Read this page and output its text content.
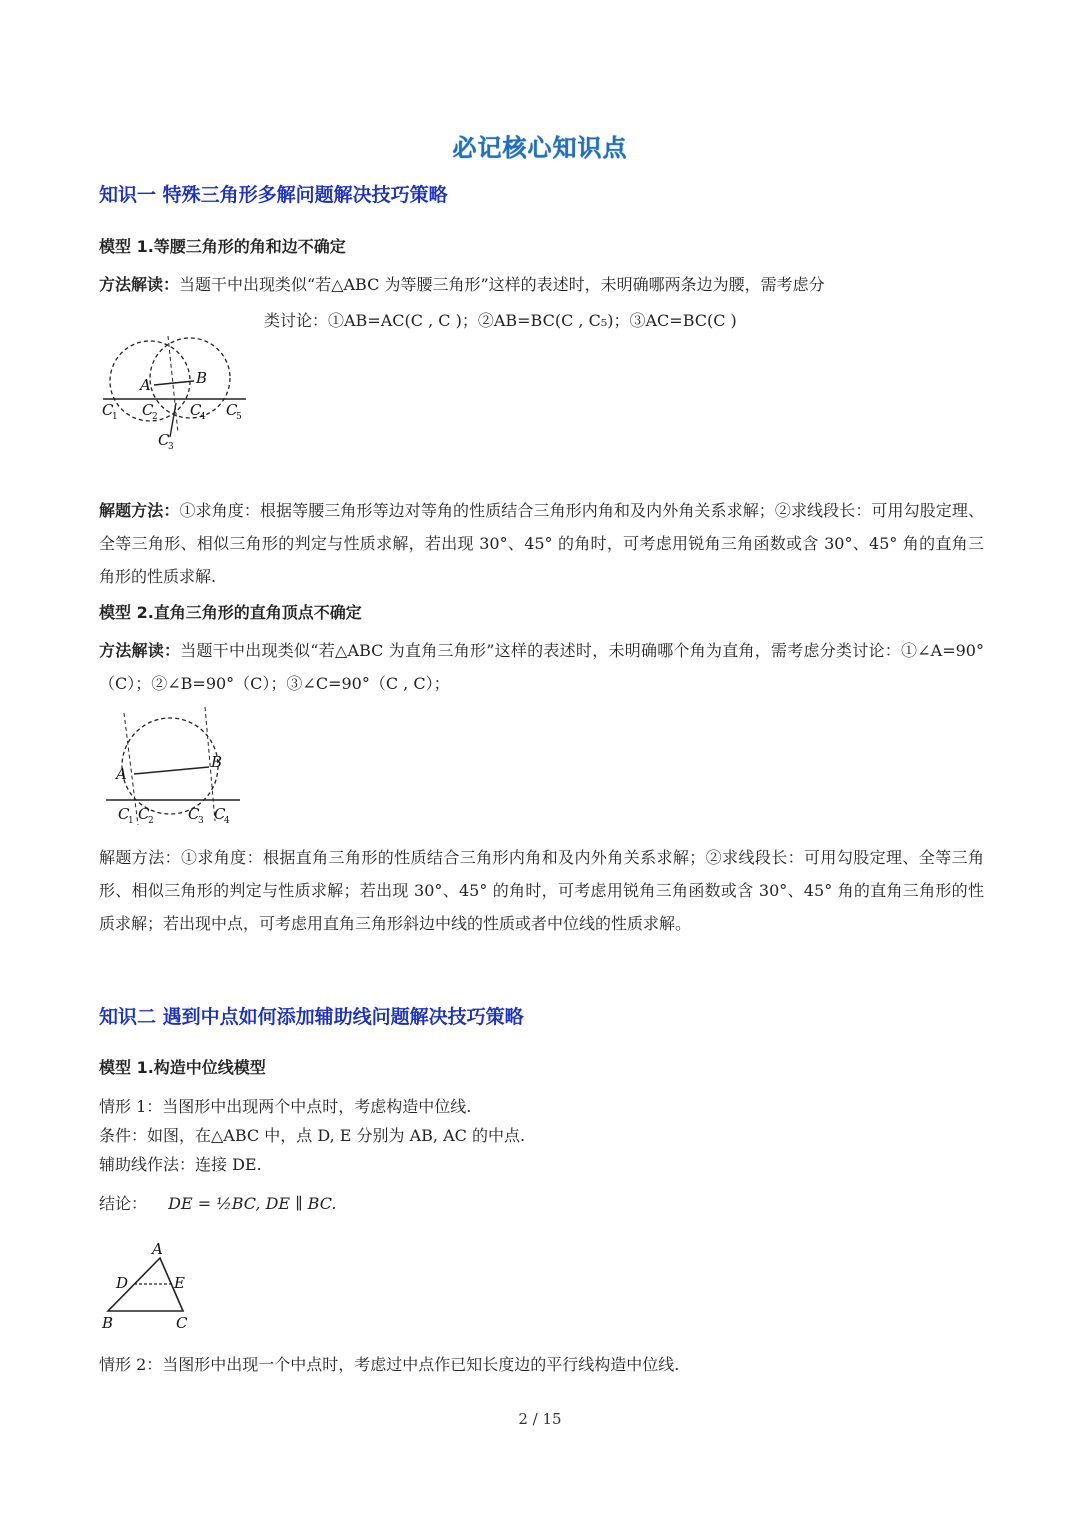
必记核心知识点
知识一 特殊三角形多解问题解决技巧策略
模型 1.等腰三角形的角和边不确定
方法解读：当题干中出现类似“若△ABC 为等腰三角形”这样的表述时，未明确哪两条边为腰，需考虑分
类讨论：①AB=AC(C , C )；②AB=BC(C , C₅)；③AC=BC(C )
A	B
C
1 C
2
C
3
C
4 C
5
解题方法：①求角度：根据等腰三角形等边对等角的性质结合三角形内角和及内外角关系求解；②求线段长：可用勾股定理、全等三角形、相似三角形的判定与性质求解，若出现 30°、45° 的角时，可考虑用锐角三角函数或含 30°、45° 角的直角三角形的性质求解.
模型 2.直角三角形的直角顶点不确定
方法解读：当题干中出现类似“若△ABC 为直角三角形”这样的表述时，未明确哪个角为直角，需考虑分类讨论：①∠A=90°（C）；②∠B=90°（C）；③∠C=90°（C , C）；
A
B
C
1 C
2 C
3 C
4
解题方法：①求角度：根据直角三角形的性质结合三角形内角和及内外角关系求解；②求线段长：可用勾股定理、全等三角形、相似三角形的判定与性质求解；若出现 30°、45° 的角时，可考虑用锐角三角函数或含 30°、45° 角的直角三角形的性质求解；若出现中点，可考虑用直角三角形斜边中线的性质或者中位线的性质求解。
知识二 遇到中点如何添加辅助线问题解决技巧策略
模型 1.构造中位线模型
情形 1：当图形中出现两个中点时，考虑构造中位线.
条件：如图，在△ABC 中，点 D, E 分别为 AB, AC 的中点.
辅助线作法：连接 DE.
结论： DE = ½BC, DE ∥ BC.
A
D	E
B	C
情形 2：当图形中出现一个中点时，考虑过中点作已知长度边的平行线构造中位线.
2 / 15
